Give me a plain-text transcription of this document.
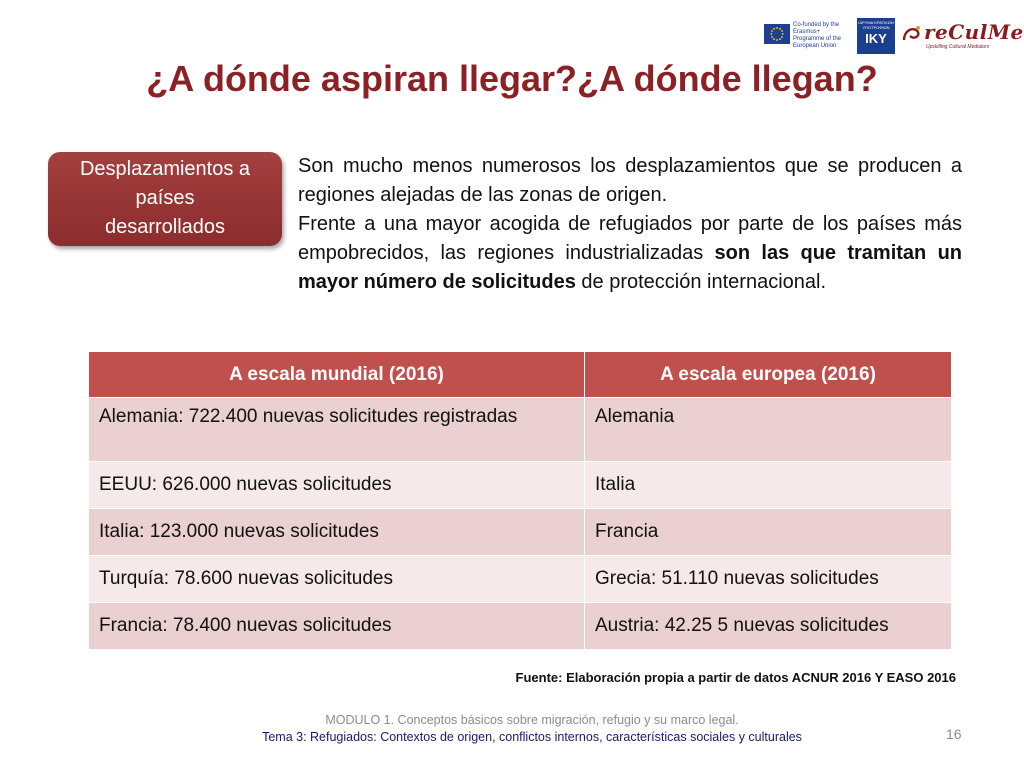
Co-funded by the Erasmus+ Programme of the European Union
ΙΔΡΥΜΑ ΚΡΑΤΙΚΩΝ ΥΠΟΤΡΟΦΙΩΝ
IKY	reCulMe
Upskilling Cultural Mediators
¿A dónde aspiran llegar?¿A dónde llegan?
Desplazamientos a
países
desarrollados

Son mucho menos numerosos los desplazamientos que se producen a regiones alejadas de las zonas de origen.

Frente a una mayor acogida de refugiados por parte de los países más empobrecidos, las regiones industrializadas son las que tramitan un mayor número de solicitudes de protección internacional.

A escala mundial (2016)	A escala europea (2016)
Alemania: 722.400 nuevas solicitudes registradas	Alemania
EEUU: 626.000 nuevas solicitudes	Italia
Italia: 123.000 nuevas solicitudes	Francia
Turquía: 78.600 nuevas solicitudes	Grecia: 51.110 nuevas solicitudes
Francia: 78.400 nuevas solicitudes	Austria: 42.25 5 nuevas solicitudes
Fuente: Elaboración propia a partir de datos ACNUR 2016 Y EASO 2016
MODULO 1. Conceptos básicos sobre migración, refugio y su marco legal.
Tema 3: Refugiados: Contextos de origen, conflictos internos, características sociales y culturales	16
